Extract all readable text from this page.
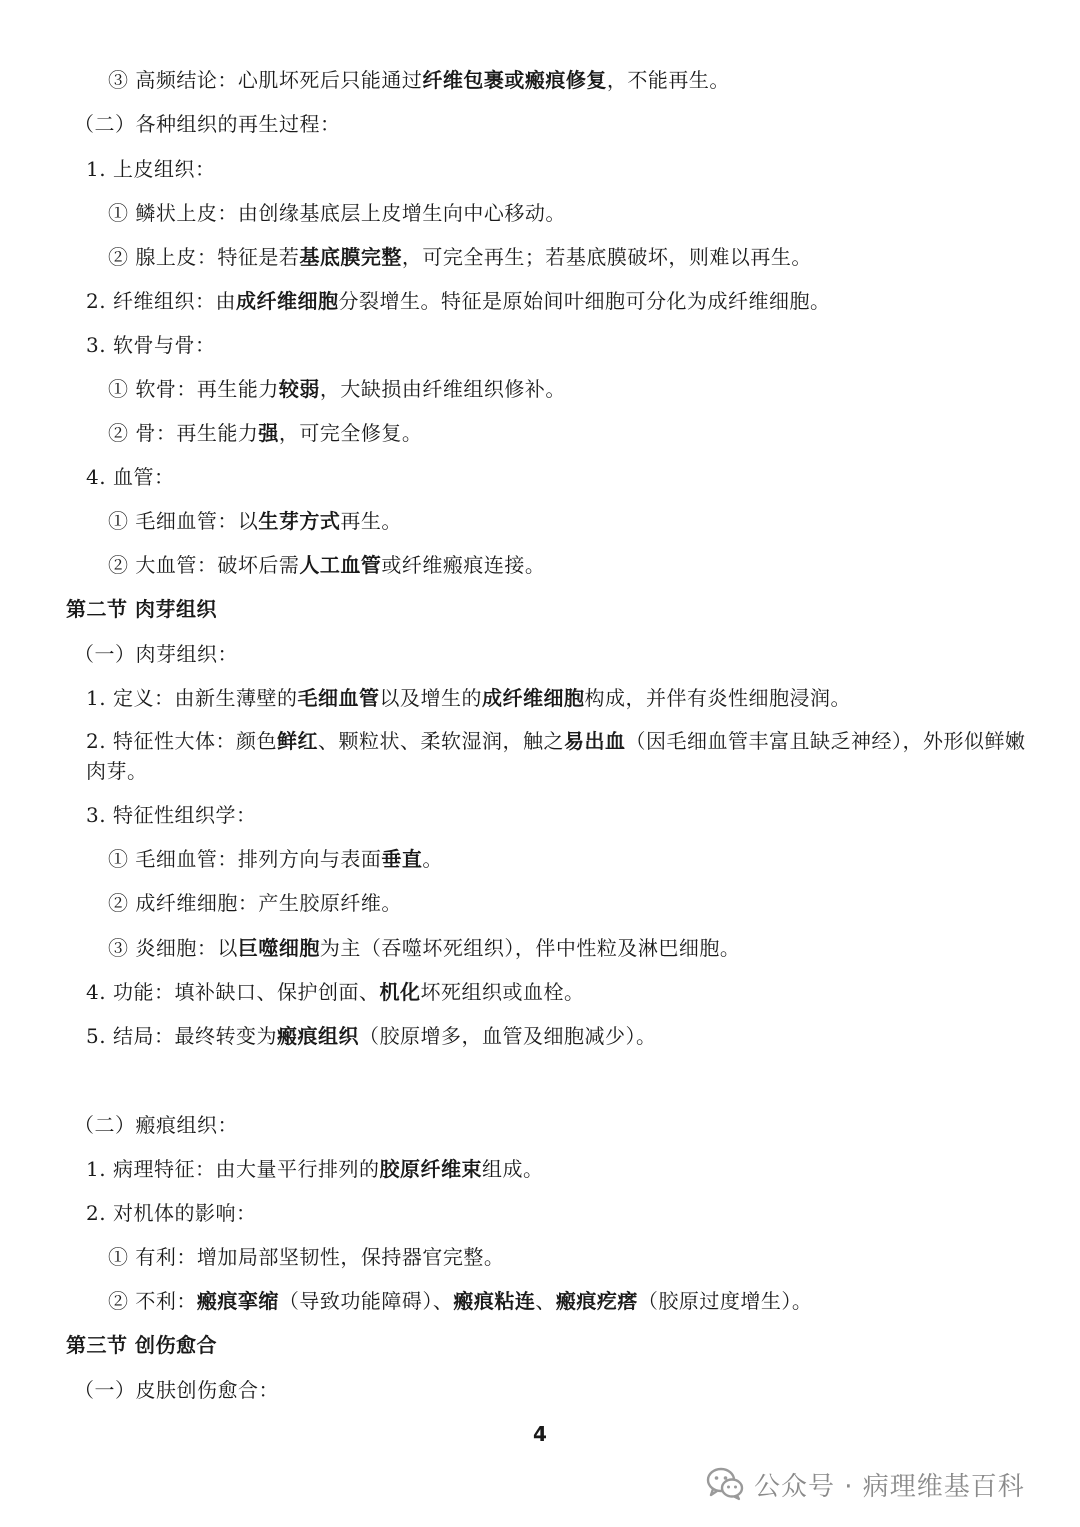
③ 高频结论：心肌坏死后只能通过纤维包裹或瘢痕修复，不能再生。
（二）各种组织的再生过程：
1. 上皮组织：
① 鳞状上皮：由创缘基底层上皮增生向中心移动。
② 腺上皮：特征是若基底膜完整，可完全再生；若基底膜破坏，则难以再生。
2. 纤维组织：由成纤维细胞分裂增生。特征是原始间叶细胞可分化为成纤维细胞。
3. 软骨与骨：
① 软骨：再生能力较弱，大缺损由纤维组织修补。
② 骨：再生能力强，可完全修复。
4. 血管：
① 毛细血管：以生芽方式再生。
② 大血管：破坏后需人工血管或纤维瘢痕连接。
第二节 肉芽组织
（一）肉芽组织：
1. 定义：由新生薄壁的毛细血管以及增生的成纤维细胞构成，并伴有炎性细胞浸润。
2. 特征性大体：颜色鲜红、颗粒状、柔软湿润，触之易出血（因毛细血管丰富且缺乏神经），外形似鲜嫩肉芽。
3. 特征性组织学：
① 毛细血管：排列方向与表面垂直。
② 成纤维细胞：产生胶原纤维。
③ 炎细胞：以巨噬细胞为主（吞噬坏死组织），伴中性粒及淋巴细胞。
4. 功能：填补缺口、保护创面、机化坏死组织或血栓。
5. 结局：最终转变为瘢痕组织（胶原增多，血管及细胞减少）。
（二）瘢痕组织：
1. 病理特征：由大量平行排列的胶原纤维束组成。
2. 对机体的影响：
① 有利：增加局部坚韧性，保持器官完整。
② 不利：瘢痕挛缩（导致功能障碍）、瘢痕粘连、瘢痕疙瘩（胶原过度增生）。
第三节 创伤愈合
（一）皮肤创伤愈合：
4
公众号 · 病理维基百科
